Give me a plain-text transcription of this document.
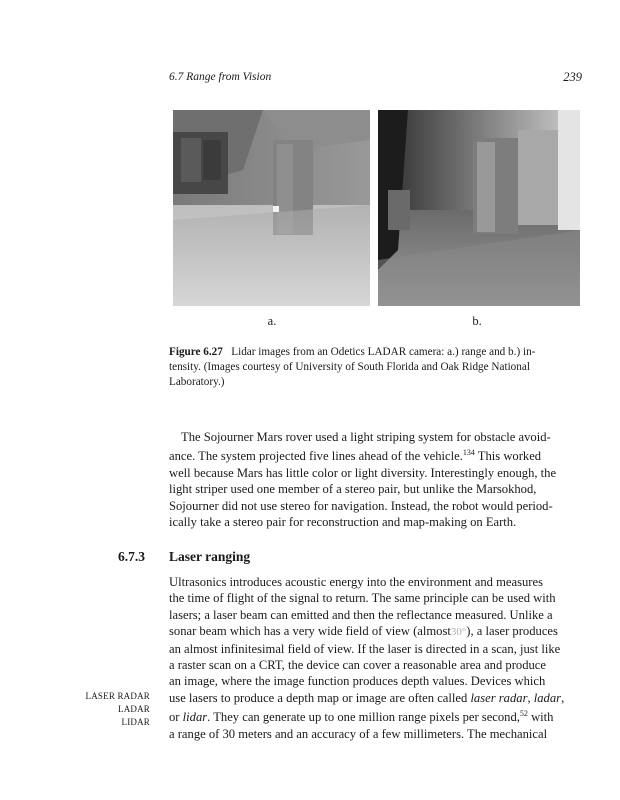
6.7 Range from Vision	239
a.	b.
Figure 6.27 Lidar images from an Odetics LADAR camera: a.) range and b.) in-
tensity. (Images courtesy of University of South Florida and Oak Ridge National
Laboratory.)
The Sojourner Mars rover used a light striping system for obstacle avoid-
ance. The system projected five lines ahead of the vehicle.$^{134}$ This worked
well because Mars has little color or light diversity. Interestingly enough, the
light striper used one member of a stereo pair, but unlike the Marsokhod,
Sojourner did not use stereo for navigation. Instead, the robot would period-
ically take a stereo pair for reconstruction and map-making on Earth.
6.7.3 Laser ranging
Ultrasonics introduces acoustic energy into the environment and measures
the time of flight of the signal to return. The same principle can be used with
lasers; a laser beam can emitted and then the reflectance measured. Unlike a
sonar beam which has a very wide field of view (almost30°), a laser produces
an almost infinitesimal field of view. If the laser is directed in a scan, just like
a raster scan on a CRT, the device can cover a reasonable area and produce
an image, where the image function produces depth values. Devices which
use lasers to produce a depth map or image are often called laser radar, ladar,
or lidar. They can generate up to one million range pixels per second,$^{52}$ with
a range of 30 meters and an accuracy of a few millimeters. The mechanical
LASER RADAR
LADAR
LIDAR
